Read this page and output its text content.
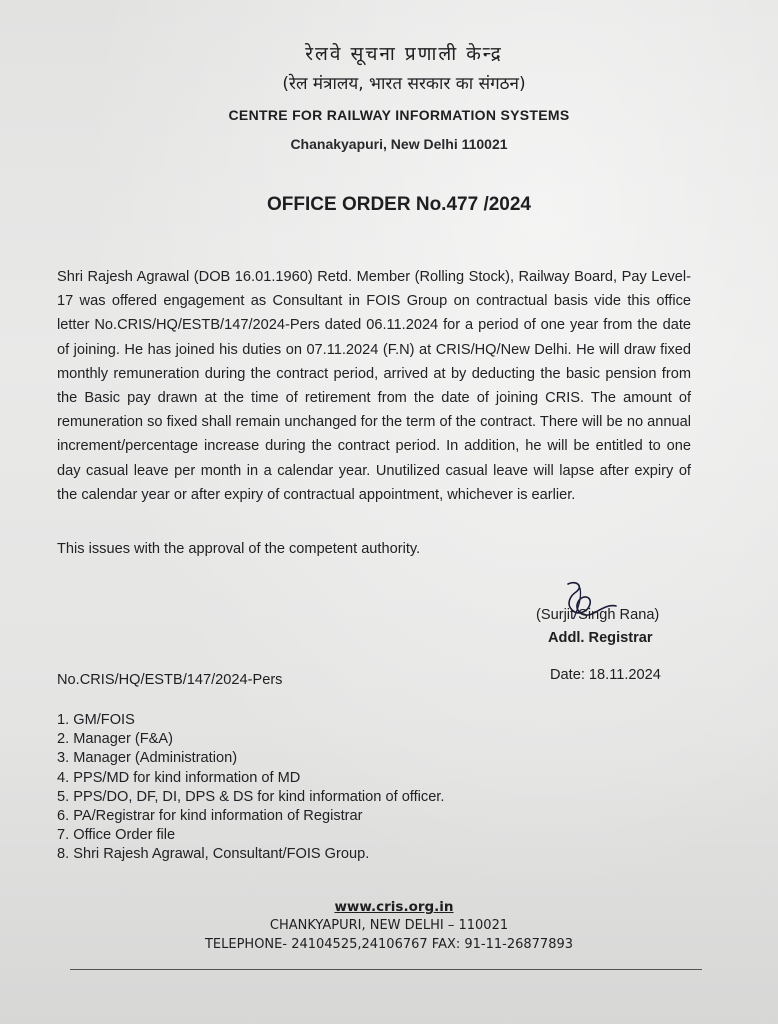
रेलवे सूचना प्रणाली केन्द्र
(रेल मंत्रालय, भारत सरकार का संगठन)
CENTRE FOR RAILWAY INFORMATION SYSTEMS
Chanakyapuri, New Delhi 110021
OFFICE ORDER No.477 /2024

Shri Rajesh Agrawal (DOB 16.01.1960) Retd. Member (Rolling Stock), Railway Board, Pay Level-17 was offered engagement as Consultant in FOIS Group on contractual basis vide this office letter No.CRIS/HQ/ESTB/147/2024-Pers dated 06.11.2024 for a period of one year from the date of joining. He has joined his duties on 07.11.2024 (F.N) at CRIS/HQ/New Delhi. He will draw fixed monthly remuneration during the contract period, arrived at by deducting the basic pension from the Basic pay drawn at the time of retirement from the date of joining CRIS. The amount of remuneration so fixed shall remain unchanged for the term of the contract. There will be no annual increment/percentage increase during the contract period. In addition, he will be entitled to one day casual leave per month in a calendar year. Unutilized casual leave will lapse after expiry of the calendar year or after expiry of contractual appointment, whichever is earlier.

This issues with the approval of the competent authority.
(Surjit Singh Rana)
Addl. Registrar
No.CRIS/HQ/ESTB/147/2024-Pers	Date: 18.11.2024
1. GM/FOIS
2. Manager (F&A)
3. Manager (Administration)
4. PPS/MD for kind information of MD
5. PPS/DO, DF, DI, DPS & DS for kind information of officer.
6. PA/Registrar for kind information of Registrar
7. Office Order file
8. Shri Rajesh Agrawal, Consultant/FOIS Group.
www.cris.org.in
CHANKYAPURI, NEW DELHI – 110021
TELEPHONE- 24104525,24106767 FAX: 91-11-26877893
